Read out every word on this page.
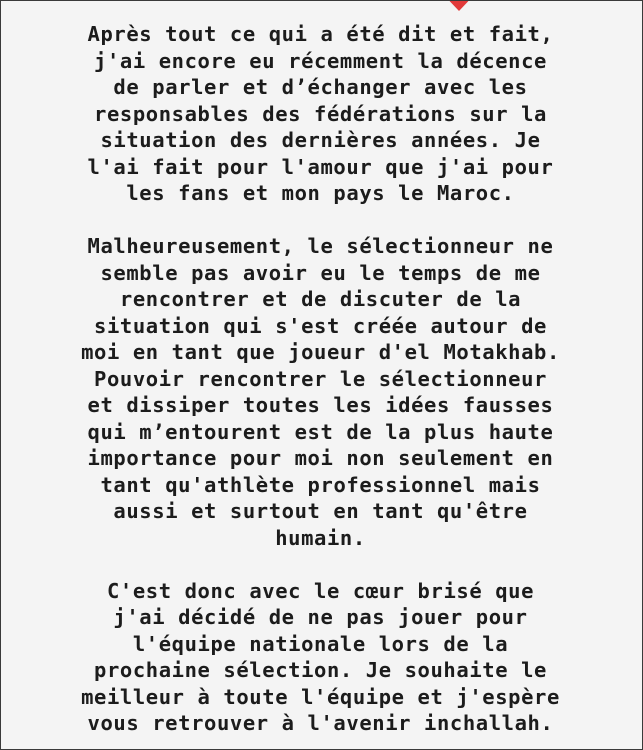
Après tout ce qui a été dit et fait,
j'ai encore eu récemment la décence
de parler et d’échanger avec les
responsables des fédérations sur la
situation des dernières années. Je
l'ai fait pour l'amour que j'ai pour
les fans et mon pays le Maroc.
Malheureusement, le sélectionneur ne
semble pas avoir eu le temps de me
rencontrer et de discuter de la
situation qui s'est créée autour de
moi en tant que joueur d'el Motakhab.
Pouvoir rencontrer le sélectionneur
et dissiper toutes les idées fausses
qui m’entourent est de la plus haute
importance pour moi non seulement en
tant qu'athlète professionnel mais
aussi et surtout en tant qu'être
humain.
C'est donc avec le cœur brisé que
j'ai décidé de ne pas jouer pour
l'équipe nationale lors de la
prochaine sélection. Je souhaite le
meilleur à toute l'équipe et j'espère
vous retrouver à l'avenir inchallah.
